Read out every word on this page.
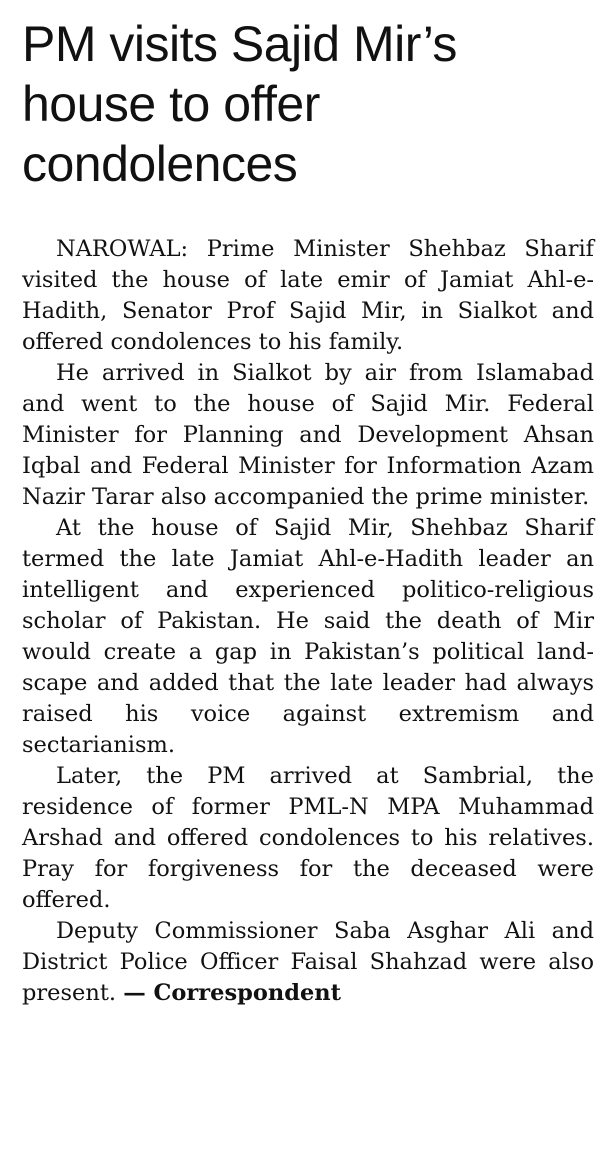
PM visits Sajid Mir’s house to offer condolences

NAROWAL: Prime Minister Shehbaz Sharif visited the house of late emir of Jamiat Ahl-e-Hadith, Senator Prof Sajid Mir, in Sialkot and offered condolences to his family.

He arrived in Sialkot by air from Islamabad and went to the house of Sajid Mir. Federal Minister for Planning and Development Ahsan Iqbal and Federal Minister for Information Azam Nazir Tarar also accompanied the prime minister.

At the house of Sajid Mir, Shehbaz Sharif termed the late Jamiat Ahl-e-Hadith leader an intelligent and experienced politico-religious scholar of Pakistan. He said the death of Mir would create a gap in Pakistan’s political landscape and added that the late leader had always raised his voice against extremism and sectarianism.

Later, the PM arrived at Sambrial, the residence of former PML-N MPA Muhammad Arshad and offered condolences to his relatives. Pray for forgiveness for the deceased were offered.

Deputy Commissioner Saba Asghar Ali and District Police Officer Faisal Shahzad were also present. — Correspondent
